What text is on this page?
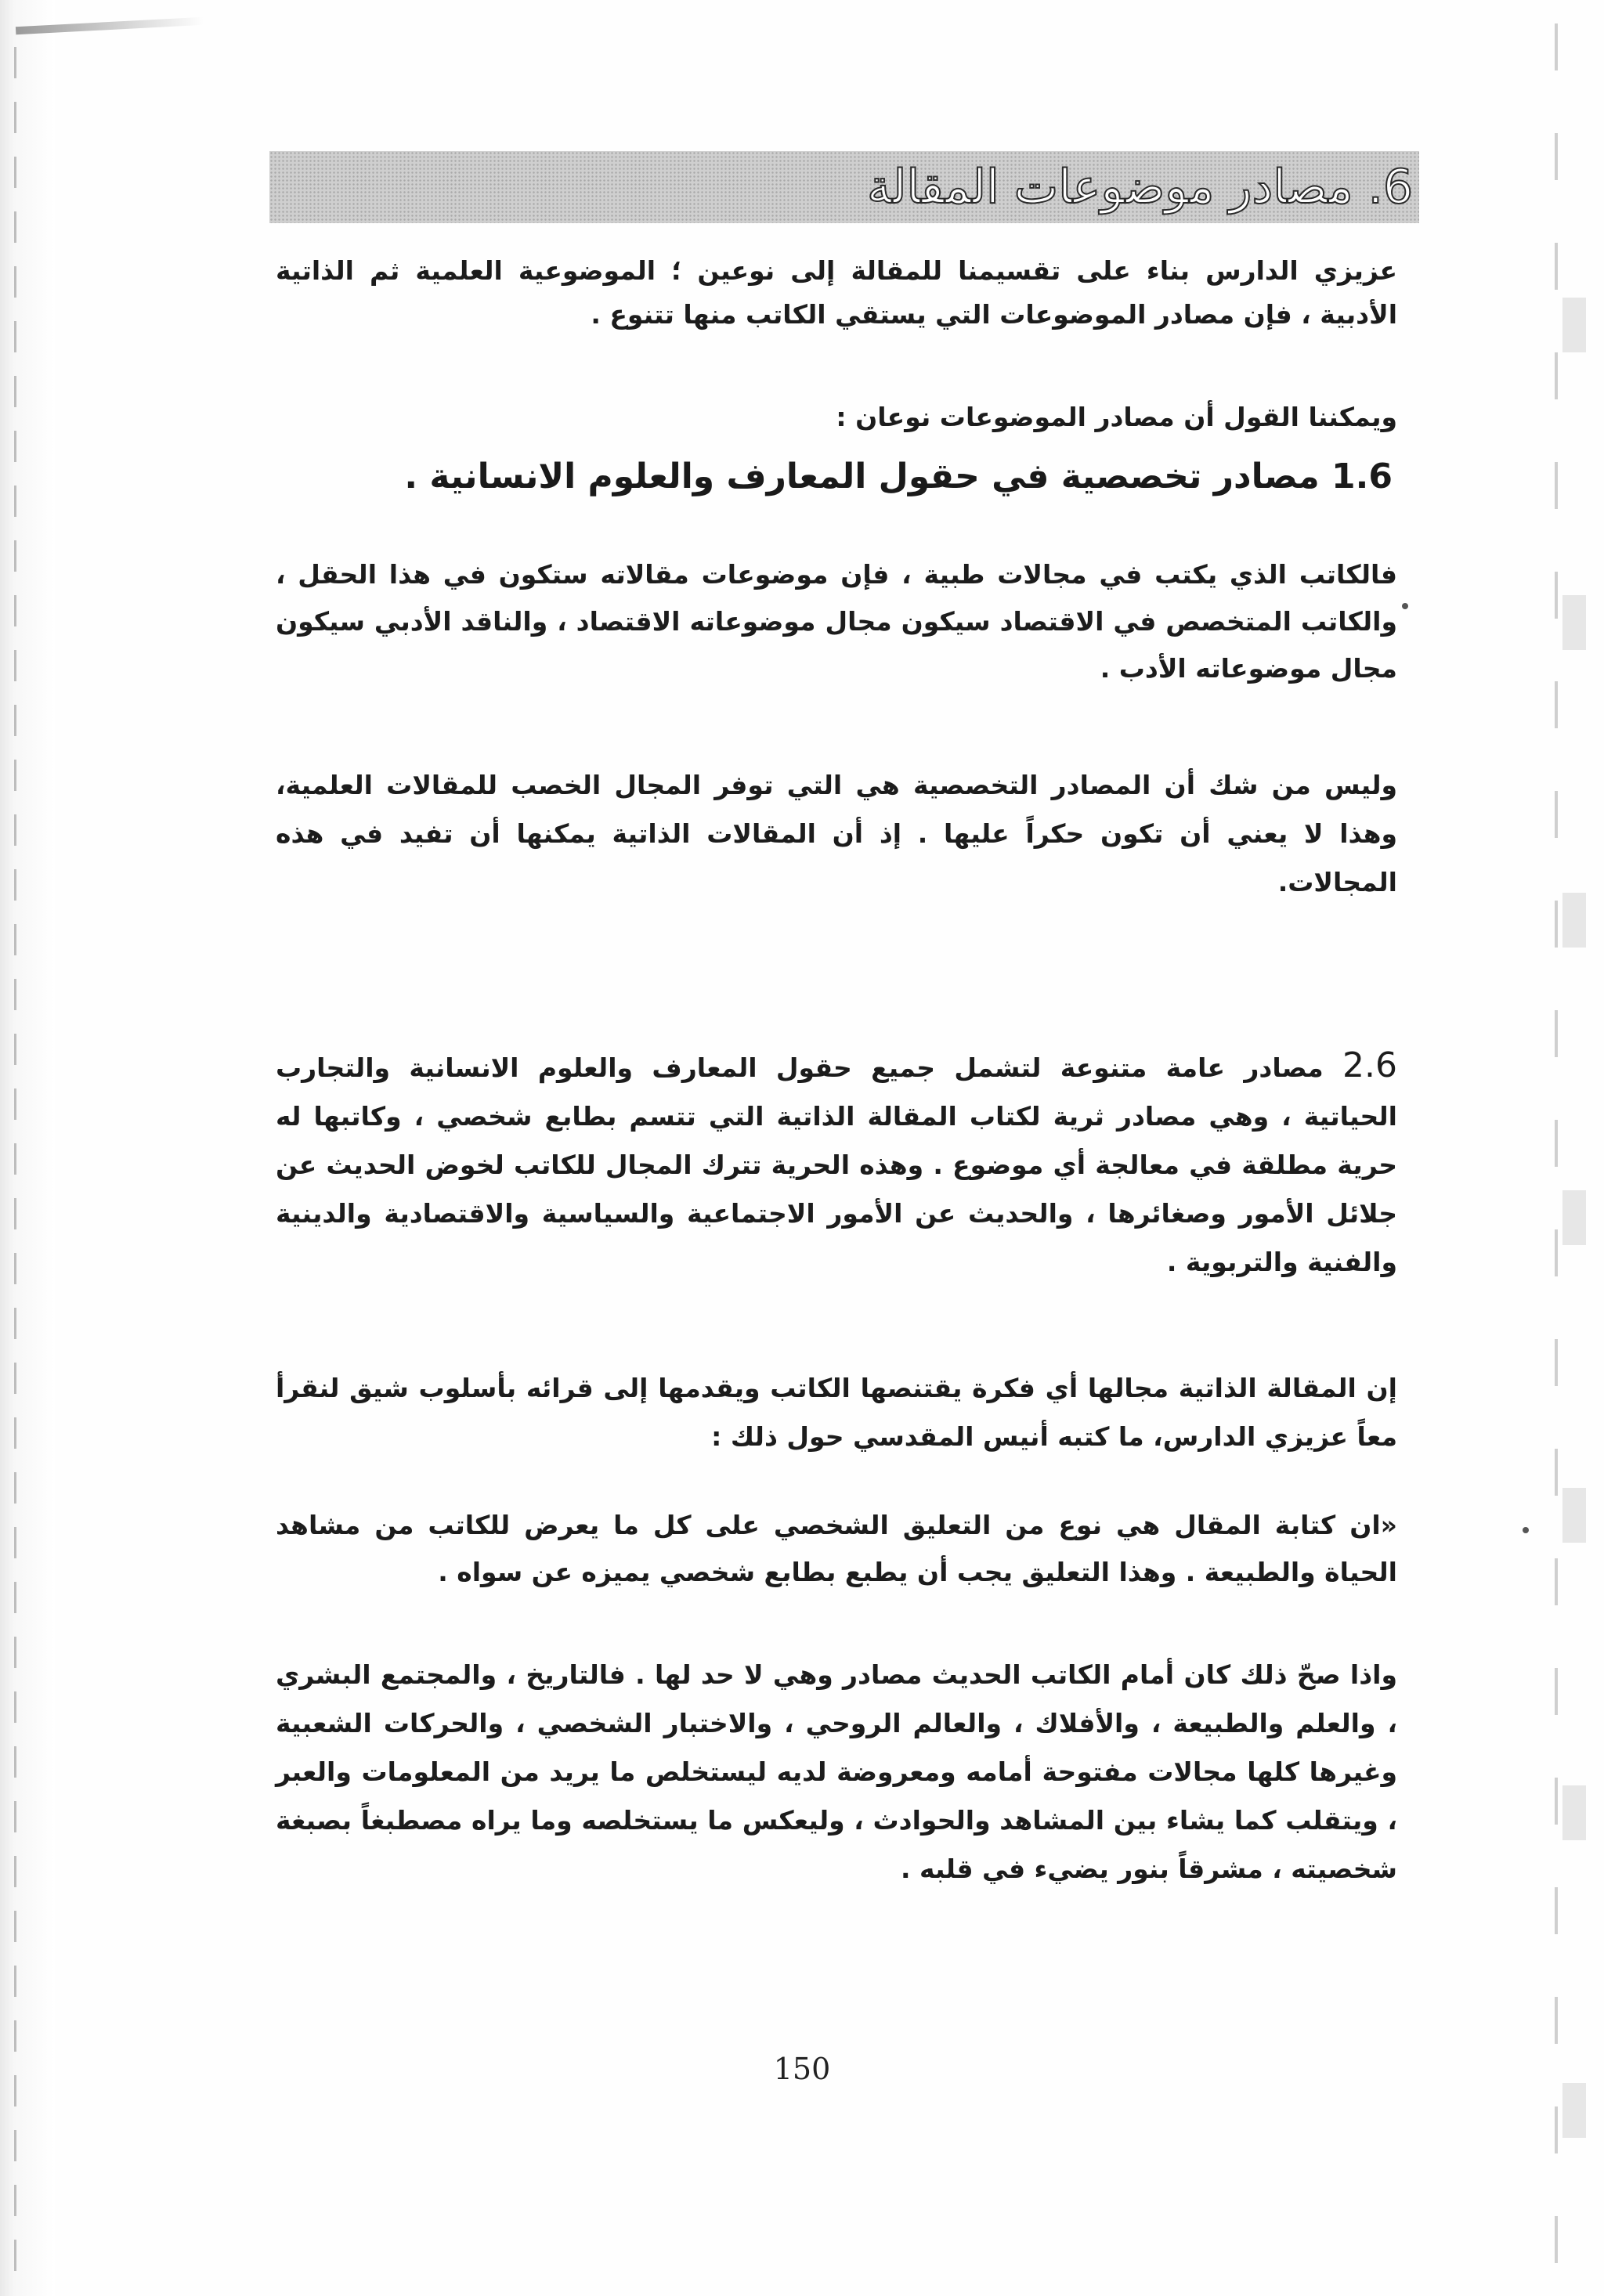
6. مصادر موضوعات المقالة

عزيزي الدارس بناء على تقسيمنا للمقالة إلى نوعين ؛ الموضوعية العلمية ثم الذاتية الأدبية ، فإن مصادر الموضوعات التي يستقي الكاتب منها تتنوع .

ويمكننا القول أن مصادر الموضوعات نوعان :

1.6 مصادر تخصصية في حقول المعارف والعلوم الانسانية .

فالكاتب الذي يكتب في مجالات طبية ، فإن موضوعات مقالاته ستكون في هذا الحقل ، والكاتب المتخصص في الاقتصاد سيكون مجال موضوعاته الاقتصاد ، والناقد الأدبي سيكون مجال موضوعاته الأدب .

وليس من شك أن المصادر التخصصية هي التي توفر المجال الخصب للمقالات العلمية، وهذا لا يعني أن تكون حكراً عليها . إذ أن المقالات الذاتية يمكنها أن تفيد في هذه المجالات.

2.6 مصادر عامة متنوعة لتشمل جميع حقول المعارف والعلوم الانسانية والتجارب الحياتية ، وهي مصادر ثرية لكتاب المقالة الذاتية التي تتسم بطابع شخصي ، وكاتبها له حرية مطلقة في معالجة أي موضوع . وهذه الحرية تترك المجال للكاتب لخوض الحديث عن جلائل الأمور وصغائرها ، والحديث عن الأمور الاجتماعية والسياسية والاقتصادية والدينية والفنية والتربوية .

إن المقالة الذاتية مجالها أي فكرة يقتنصها الكاتب ويقدمها إلى قرائه بأسلوب شيق لنقرأ معاً عزيزي الدارس، ما كتبه أنيس المقدسي حول ذلك :

«ان كتابة المقال هي نوع من التعليق الشخصي على كل ما يعرض للكاتب من مشاهد الحياة والطبيعة . وهذا التعليق يجب أن يطبع بطابع شخصي يميزه عن سواه .

واذا صحّ ذلك كان أمام الكاتب الحديث مصادر وهي لا حد لها . فالتاريخ ، والمجتمع البشري ، والعلم والطبيعة ، والأفلاك ، والعالم الروحي ، والاختبار الشخصي ، والحركات الشعبية وغيرها كلها مجالات مفتوحة أمامه ومعروضة لديه ليستخلص ما يريد من المعلومات والعبر ، ويتقلب كما يشاء بين المشاهد والحوادث ، وليعكس ما يستخلصه وما يراه مصطبغاً بصبغة شخصيته ، مشرقاً بنور يضيء في قلبه .

150
